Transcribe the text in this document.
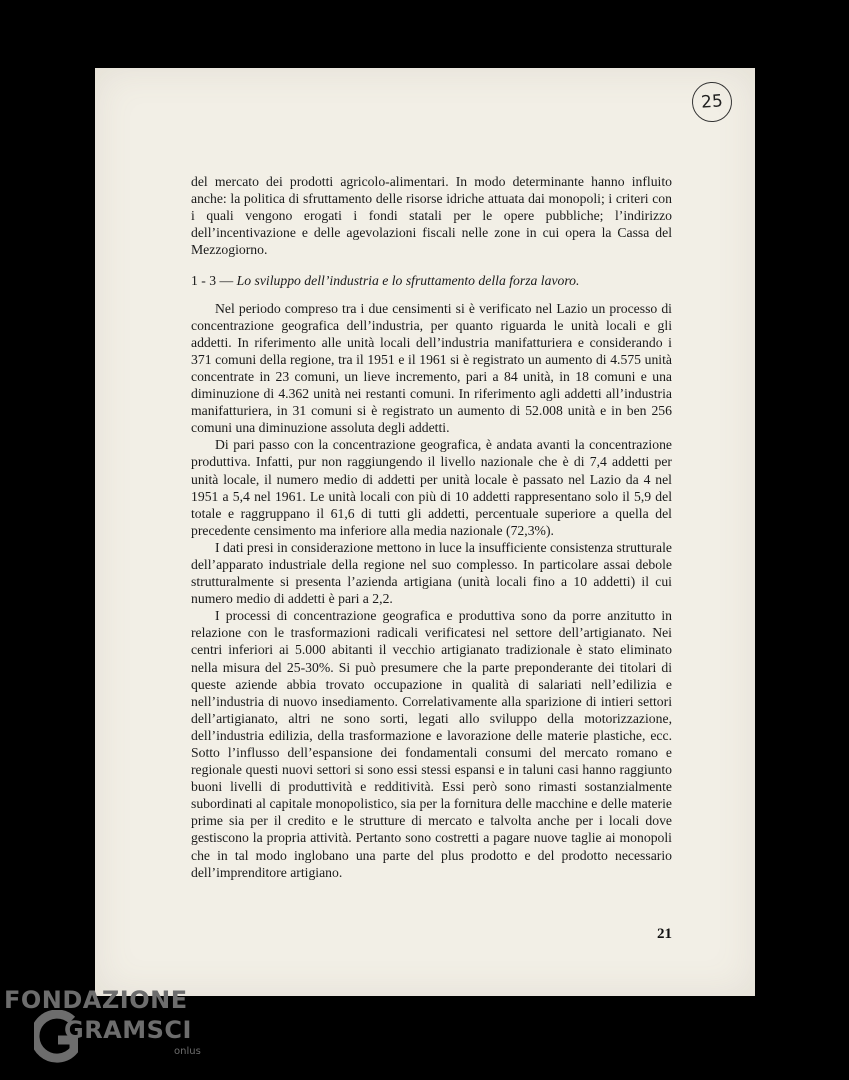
25

del mercato dei prodotti agricolo-alimentari. In modo determinante hanno influito anche: la politica di sfruttamento delle risorse idriche attuata dai monopoli; i criteri con i quali vengono erogati i fondi statali per le opere pubbliche; l’indirizzo dell’incentivazione e delle agevolazioni fiscali nelle zone in cui opera la Cassa del Mezzogiorno.

1 - 3 — Lo sviluppo dell’industria e lo sfruttamento della forza lavoro.

Nel periodo compreso tra i due censimenti si è verificato nel Lazio un processo di concentrazione geografica dell’industria, per quanto riguarda le unità locali e gli addetti. In riferimento alle unità locali dell’industria manifatturiera e considerando i 371 comuni della regione, tra il 1951 e il 1961 si è registrato un aumento di 4.575 unità concentrate in 23 comuni, un lieve incremento, pari a 84 unità, in 18 comuni e una diminuzione di 4.362 unità nei restanti comuni. In riferimento agli addetti all’industria manifatturiera, in 31 comuni si è registrato un aumento di 52.008 unità e in ben 256 comuni una diminuzione assoluta degli addetti.

Di pari passo con la concentrazione geografica, è andata avanti la concentrazione produttiva. Infatti, pur non raggiungendo il livello nazionale che è di 7,4 addetti per unità locale, il numero medio di addetti per unità locale è passato nel Lazio da 4 nel 1951 a 5,4 nel 1961. Le unità locali con più di 10 addetti rappresentano solo il 5,9 del totale e raggruppano il 61,6 di tutti gli addetti, percentuale superiore a quella del precedente censimento ma inferiore alla media nazionale (72,3%).

I dati presi in considerazione mettono in luce la insufficiente consistenza strutturale dell’apparato industriale della regione nel suo complesso. In particolare assai debole strutturalmente si presenta l’azienda artigiana (unità locali fino a 10 addetti) il cui numero medio di addetti è pari a 2,2.

I processi di concentrazione geografica e produttiva sono da porre anzitutto in relazione con le trasformazioni radicali verificatesi nel settore dell’artigianato. Nei centri inferiori ai 5.000 abitanti il vecchio artigianato tradizionale è stato eliminato nella misura del 25-30%. Si può presumere che la parte preponderante dei titolari di queste aziende abbia trovato occupazione in qualità di salariati nell’edilizia e nell’industria di nuovo insediamento. Correlativamente alla sparizione di intieri settori dell’artigianato, altri ne sono sorti, legati allo sviluppo della motorizzazione, dell’industria edilizia, della trasformazione e lavorazione delle materie plastiche, ecc. Sotto l’influsso dell’espansione dei fondamentali consumi del mercato romano e regionale questi nuovi settori si sono essi stessi espansi e in taluni casi hanno raggiunto buoni livelli di produttività e redditività. Essi però sono rimasti sostanzialmente subordinati al capitale monopolistico, sia per la fornitura delle macchine e delle materie prime sia per il credito e le strutture di mercato e talvolta anche per i locali dove gestiscono la propria attività. Pertanto sono costretti a pagare nuove taglie ai monopoli che in tal modo inglobano una parte del plus prodotto e del prodotto necessario dell’imprenditore artigiano.

21
FONDAZIONE
GRAMSCI
onlus
